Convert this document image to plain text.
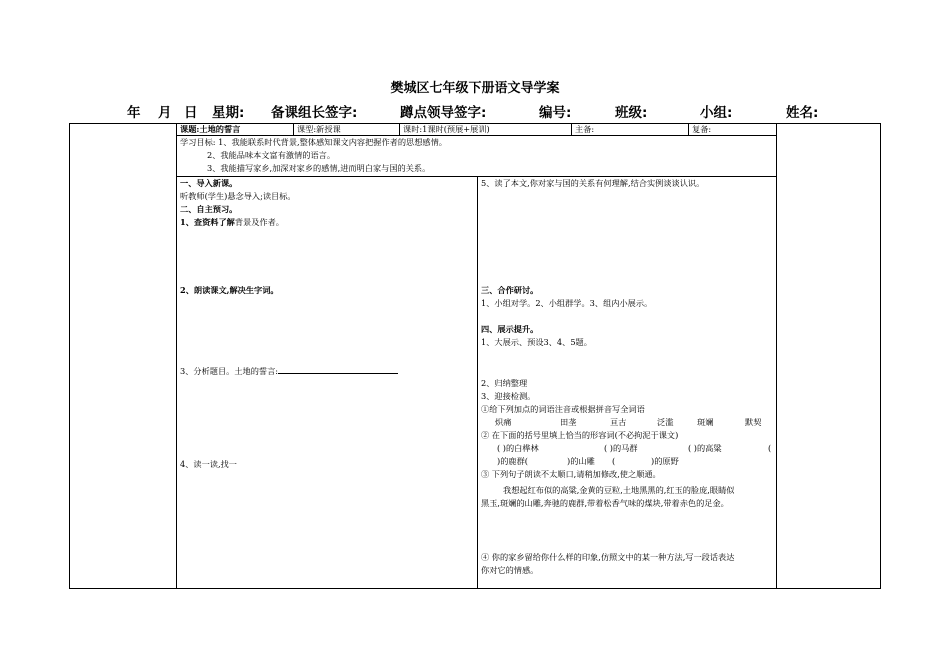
樊城区七年级下册语文导学案
年 月 日 星期: 备课组长签字:	蹲点领导签字:	编号:	班级:	小组:	姓名:
课题:土地的誓言	课型:新授课	课时:1课时(预展+展训)	主备:	复备:
学习目标: 1、我能联系时代背景,整体感知课文内容把握作者的思想感情。
2、我能品味本文富有激情的语言。
3、我能描写家乡,加深对家乡的感情,进而明白家与国的关系。
一、导入新课。
听教师(学生)悬念导入;读目标。
二、自主预习。
1、查资料了解背景及作者。
2、朗读课文,解决生字词。
3、分析题目。土地的誓言:
4、读一读,找一
5、读了本文,你对家与国的关系有何理解,结合实例谈谈认识。
三、合作研讨。
1、小组对学。2、小组群学。3、组内小展示。
四、展示提升。
1、大展示、预设3、4、5题。
2、归纳整理
3、迎接检测。
①给下列加点的词语注音或根据拼音写全词语
炽痛	田垄	亘古	泛滥	斑斓	默契
② 在下面的括号里填上恰当的形容词(不必拘泥于课文)
( )的白桦林	( )的马群	( )的高粱	(
)的鹿群(	)的山雕 (	)的原野
③ 下列句子朗读不太顺口,请稍加修改,使之顺通。
我想起红布似的高粱,金黄的豆粒,土地黑黑的,红玉的脸庞,眼睛似
黑玉,斑斓的山雕,奔驰的鹿群,带着松香气味的煤块,带着赤色的足金。
④ 你的家乡留给你什么样的印象,仿照文中的某一种方法,写一段话表达
你对它的情感。
